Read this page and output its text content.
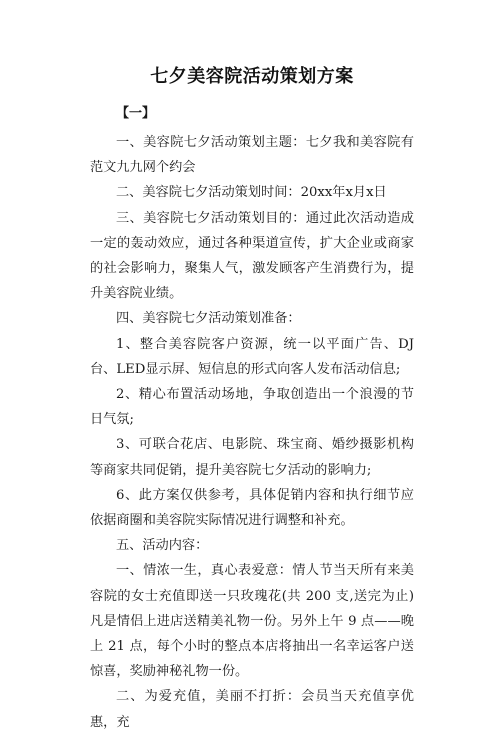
七夕美容院活动策划方案

【一】

一、美容院七夕活动策划主题：七夕我和美容院有范文九九网个约会

二、美容院七夕活动策划时间：20xx年x月x日

三、美容院七夕活动策划目的：通过此次活动造成一定的轰动效应，通过各种渠道宣传，扩大企业或商家的社会影响力，聚集人气，激发顾客产生消费行为，提升美容院业绩。

四、美容院七夕活动策划准备：

1、整合美容院客户资源，统一以平面广告、DJ台、LED显示屏、短信息的形式向客人发布活动信息;

2、精心布置活动场地，争取创造出一个浪漫的节日气氛;

3、可联合花店、电影院、珠宝商、婚纱摄影机构等商家共同促销，提升美容院七夕活动的影响力;

6、此方案仅供参考，具体促销内容和执行细节应依据商圈和美容院实际情况进行调整和补充。

五、活动内容：

一、情浓一生，真心表爱意：情人节当天所有来美容院的女士充值即送一只玫瑰花(共 200 支,送完为止)凡是情侣上进店送精美礼物一份。另外上午 9 点——晚上 21 点，每个小时的整点本店将抽出一名幸运客户送惊喜，奖励神秘礼物一份。

二、为爱充值，美丽不打折：会员当天充值享优惠，充
